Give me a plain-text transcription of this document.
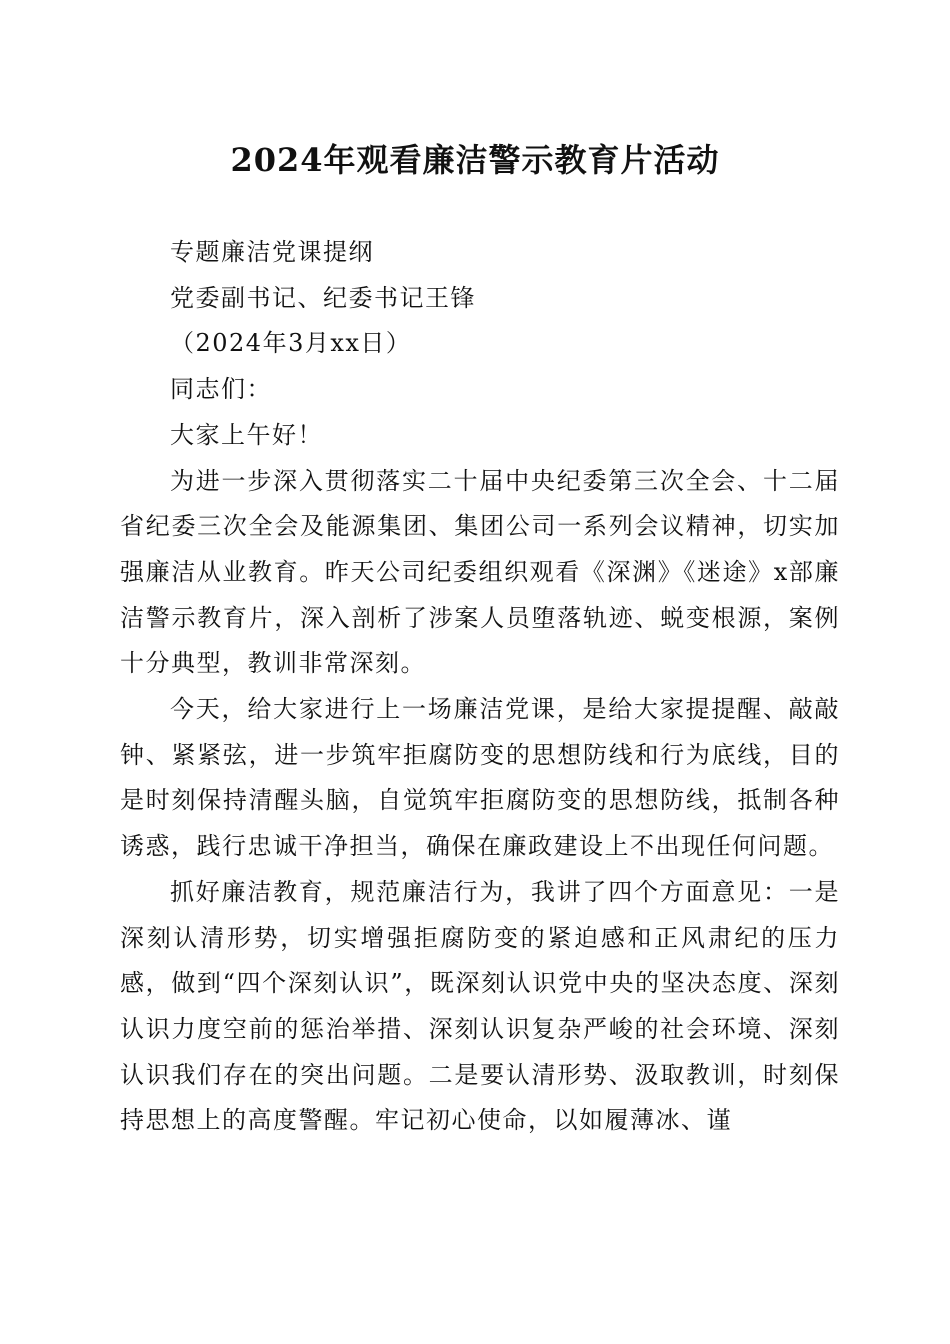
2024年观看廉洁警示教育片活动

专题廉洁党课提纲

党委副书记、纪委书记王锋

（2024年3月xx日）

同志们：

大家上午好！

为进一步深入贯彻落实二十届中央纪委第三次全会、十二届省纪委三次全会及能源集团、集团公司一系列会议精神，切实加强廉洁从业教育。昨天公司纪委组织观看《深渊》《迷途》x部廉洁警示教育片，深入剖析了涉案人员堕落轨迹、蜕变根源，案例十分典型，教训非常深刻。

今天，给大家进行上一场廉洁党课，是给大家提提醒、敲敲钟、紧紧弦，进一步筑牢拒腐防变的思想防线和行为底线，目的是时刻保持清醒头脑，自觉筑牢拒腐防变的思想防线，抵制各种诱惑，践行忠诚干净担当，确保在廉政建设上不出现任何问题。

抓好廉洁教育，规范廉洁行为，我讲了四个方面意见：一是深刻认清形势，切实增强拒腐防变的紧迫感和正风肃纪的压力感，做到“四个深刻认识”，既深刻认识党中央的坚决态度、深刻认识力度空前的惩治举措、深刻认识复杂严峻的社会环境、深刻认识我们存在的突出问题。二是要认清形势、汲取教训，时刻保持思想上的高度警醒。牢记初心使命，以如履薄冰、谨
